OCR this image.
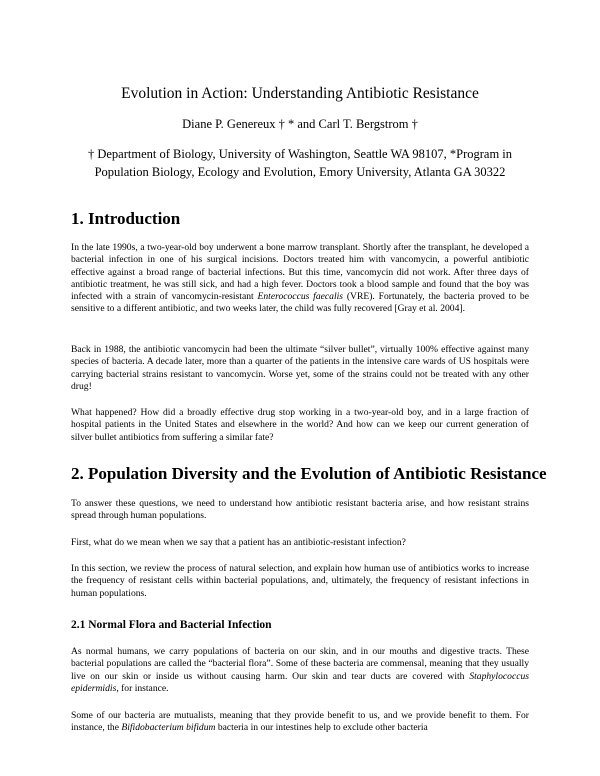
Evolution in Action: Understanding Antibiotic Resistance
Diane P. Genereux † * and Carl T. Bergstrom †
† Department of Biology, University of Washington, Seattle WA 98107, *Program in
Population Biology, Ecology and Evolution, Emory University, Atlanta GA 30322
1. Introduction

In the late 1990s, a two-year-old boy underwent a bone marrow transplant. Shortly after the transplant, he developed a bacterial infection in one of his surgical incisions. Doctors treated him with vancomycin, a powerful antibiotic effective against a broad range of bacterial infections. But this time, vancomycin did not work. After three days of antibiotic treatment, he was still sick, and had a high fever. Doctors took a blood sample and found that the boy was infected with a strain of vancomycin-resistant Enterococcus faecalis (VRE). Fortunately, the bacteria proved to be sensitive to a different antibiotic, and two weeks later, the child was fully recovered [Gray et al. 2004].

Back in 1988, the antibiotic vancomycin had been the ultimate “silver bullet”, virtually 100% effective against many species of bacteria. A decade later, more than a quarter of the patients in the intensive care wards of US hospitals were carrying bacterial strains resistant to vancomycin. Worse yet, some of the strains could not be treated with any other drug!

What happened? How did a broadly effective drug stop working in a two-year-old boy, and in a large fraction of hospital patients in the United States and elsewhere in the world? And how can we keep our current generation of silver bullet antibiotics from suffering a similar fate?

2. Population Diversity and the Evolution of Antibiotic Resistance

To answer these questions, we need to understand how antibiotic resistant bacteria arise, and how resistant strains spread through human populations.

First, what do we mean when we say that a patient has an antibiotic-resistant infection?

In this section, we review the process of natural selection, and explain how human use of antibiotics works to increase the frequency of resistant cells within bacterial populations, and, ultimately, the frequency of resistant infections in human populations.

2.1 Normal Flora and Bacterial Infection

As normal humans, we carry populations of bacteria on our skin, and in our mouths and digestive tracts. These bacterial populations are called the “bacterial flora”. Some of these bacteria are commensal, meaning that they usually live on our skin or inside us without causing harm. Our skin and tear ducts are covered with Staphylococcus epidermidis, for instance.

Some of our bacteria are mutualists, meaning that they provide benefit to us, and we provide benefit to them. For instance, the Bifidobacterium bifidum bacteria in our intestines help to exclude other bacteria
